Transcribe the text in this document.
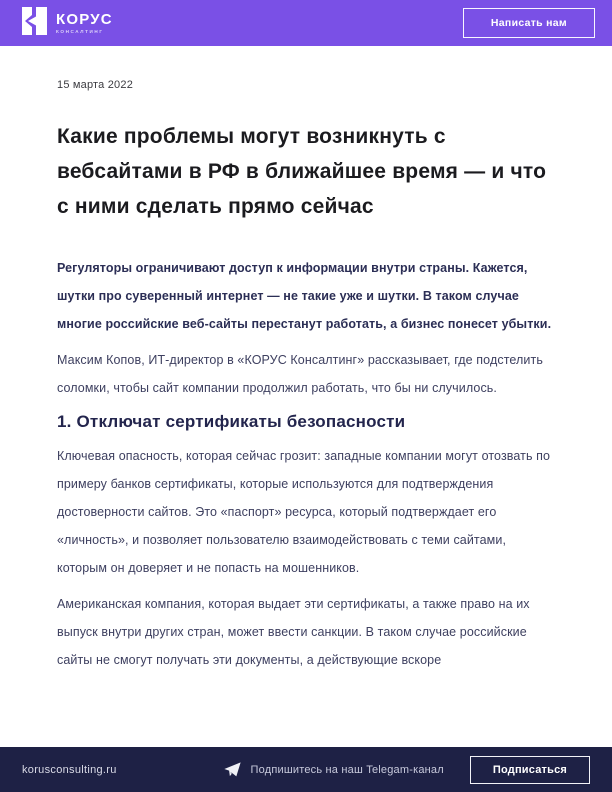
КОРУС
КОНСАЛТИНГ
Написать нам
15 марта 2022
Какие проблемы могут возникнуть с вебсайтами в РФ в ближайшее время — и что с ними сделать прямо сейчас

Регуляторы ограничивают доступ к информации внутри страны. Кажется, шутки про суверенный интернет — не такие уже и шутки. В таком случае многие российские веб-сайты перестанут работать, а бизнес понесет убытки.

Максим Копов, ИТ-директор в «КОРУС Консалтинг» рассказывает, где подстелить соломки, чтобы сайт компании продолжил работать, что бы ни случилось.

1. Отключат сертификаты безопасности

Ключевая опасность, которая сейчас грозит: западные компании могут отозвать по примеру банков сертификаты, которые используются для подтверждения достоверности сайтов. Это «паспорт» ресурса, который подтверждает его «личность», и позволяет пользователю взаимодействовать с теми сайтами, которым он доверяет и не попасть на мошенников.

Американская компания, которая выдает эти сертификаты, а также право на их выпуск внутри других стран, может ввести санкции. В таком случае российские сайты не смогут получать эти документы, а действующие вскоре

korusconsulting.ru	Подпишитесь на наш Telegam-канал	Подписаться
